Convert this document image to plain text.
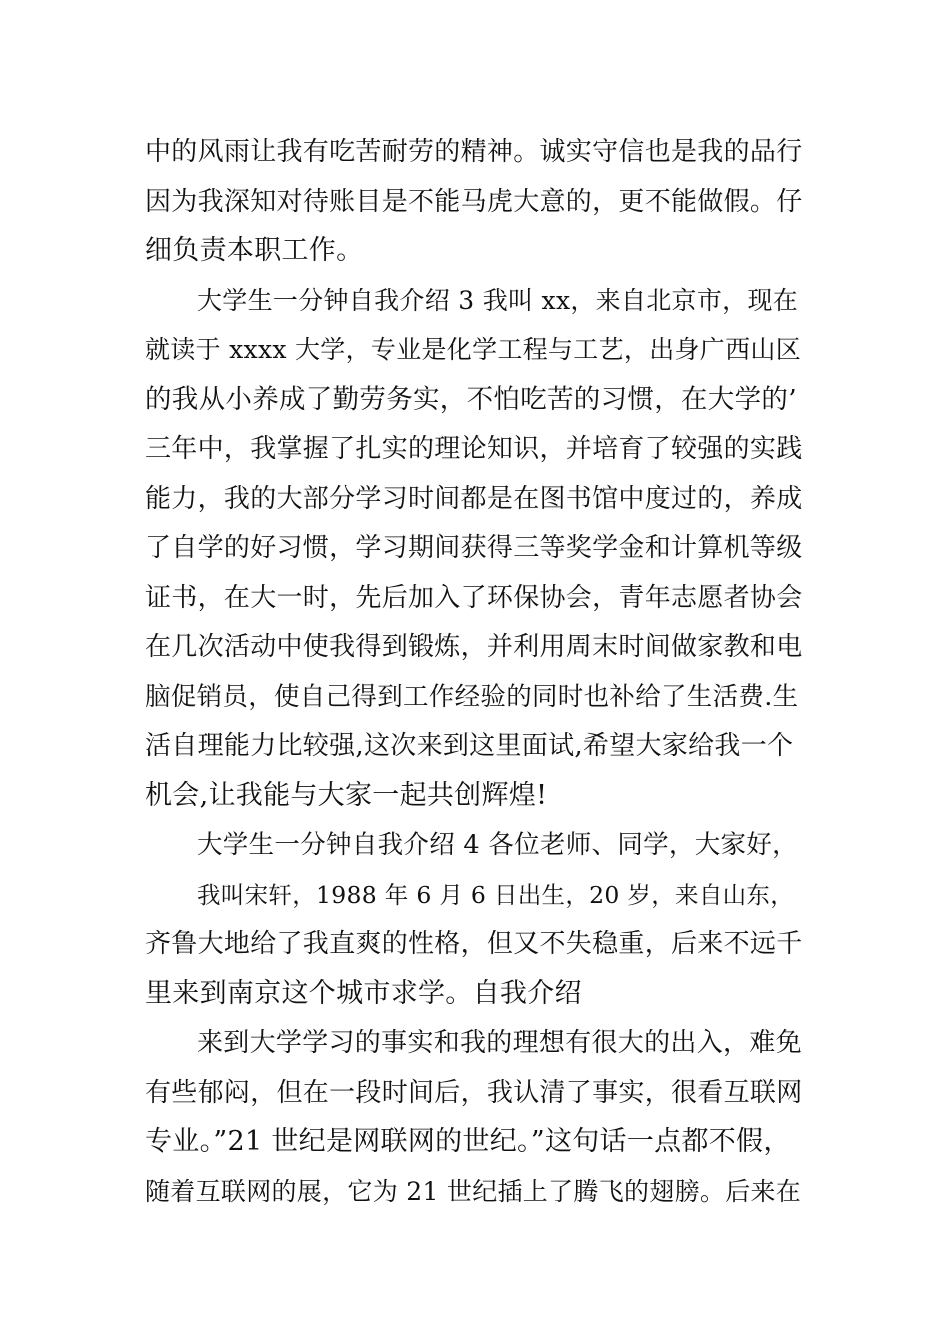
中的风雨让我有吃苦耐劳的精神。诚实守信也是我的品行
因为我深知对待账目是不能马虎大意的，更不能做假。仔
细负责本职工作。
大学生一分钟自我介绍 3 我叫 xx，来自北京市，现在
就读于 xxxx 大学，专业是化学工程与工艺，出身广西山区
的我从小养成了勤劳务实，不怕吃苦的习惯，在大学的’
三年中，我掌握了扎实的理论知识，并培育了较强的实践
能力，我的大部分学习时间都是在图书馆中度过的，养成
了自学的好习惯，学习期间获得三等奖学金和计算机等级
证书，在大一时，先后加入了环保协会，青年志愿者协会
在几次活动中使我得到锻炼，并利用周末时间做家教和电
脑促销员，使自己得到工作经验的同时也补给了生活费.生
活自理能力比较强,这次来到这里面试,希望大家给我一个
机会,让我能与大家一起共创辉煌!
大学生一分钟自我介绍 4 各位老师、同学，大家好，
我叫宋轩，1988 年 6 月 6 日出生，20 岁，来自山东，
齐鲁大地给了我直爽的性格，但又不失稳重，后来不远千
里来到南京这个城市求学。自我介绍
来到大学学习的事实和我的理想有很大的出入，难免
有些郁闷，但在一段时间后，我认清了事实，很看互联网
专业。”21 世纪是网联网的世纪。”这句话一点都不假，
随着互联网的展，它为 21 世纪插上了腾飞的翅膀。后来在
